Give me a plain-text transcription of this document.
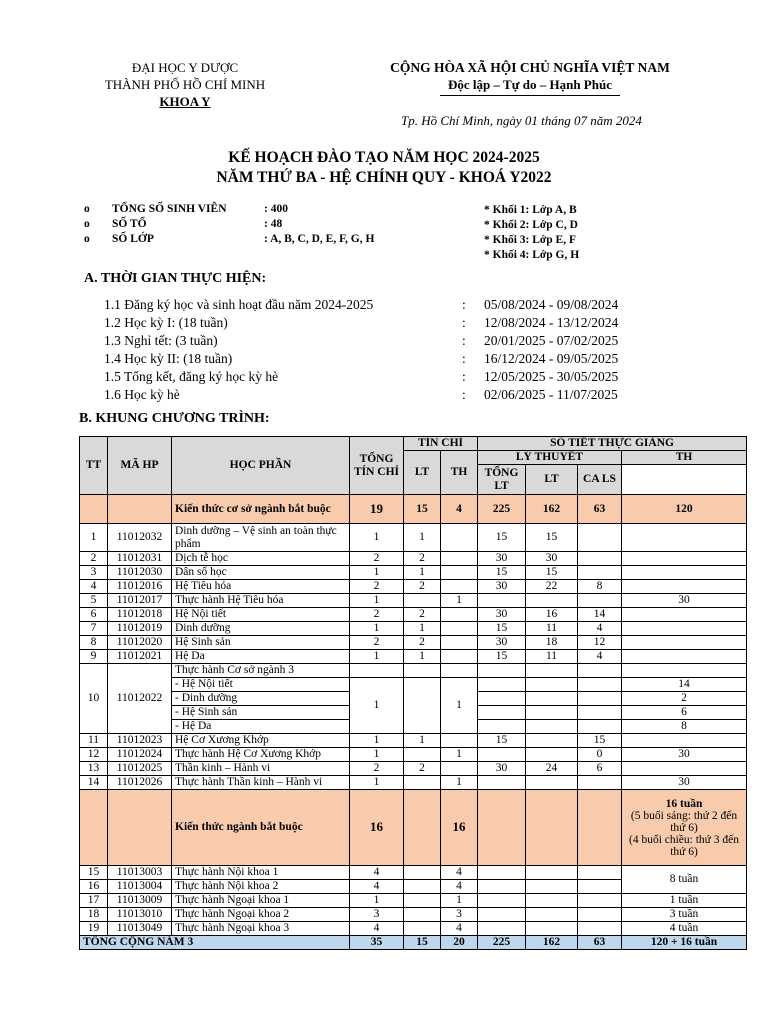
ĐẠI HỌC Y DƯỢC
THÀNH PHỐ HỒ CHÍ MINH
KHOA Y
CỘNG HÒA XÃ HỘI CHỦ NGHĨA VIỆT NAM
Độc lập – Tự do – Hạnh Phúc
Tp. Hồ Chí Minh, ngày 01 tháng 07 năm 2024
KẾ HOẠCH ĐÀO TẠO NĂM HỌC 2024-2025
NĂM THỨ BA - HỆ CHÍNH QUY - KHOÁ Y2022
o TỔNG SỐ SINH VIÊN	: 400
o SỐ TỔ	: 48
o SỐ LỚP	: A, B, C, D, E, F, G, H
* Khối 1: Lớp A, B
* Khối 2: Lớp C, D
* Khối 3: Lớp E, F
* Khối 4: Lớp G, H
A. THỜI GIAN THỰC HIỆN:
1.1 Đăng ký học và sinh hoạt đầu năm 2024-2025	: 05/08/2024 - 09/08/2024
1.2 Học kỳ I: (18 tuần)	: 12/08/2024 - 13/12/2024
1.3 Nghỉ tết: (3 tuần)	: 20/01/2025 - 07/02/2025
1.4 Học kỳ II: (18 tuần)	: 16/12/2024 - 09/05/2025
1.5 Tổng kết, đăng ký học kỳ hè	: 12/05/2025 - 30/05/2025
1.6 Học kỳ hè	: 02/06/2025 - 11/07/2025
B. KHUNG CHƯƠNG TRÌNH:
TT	MÃ HP	HỌC PHẦN	TỔNG TÍN CHỈ	TÍN CHỈ		SỐ TIẾT THỰC GIẢNG			
				LT	TH	LÝ THUYẾT			TH
						TỔNG LT	LT	CA LS	
		Kiến thức cơ sở ngành bắt buộc	19	15	4	225	162	63	120
1	11012032	Dinh dưỡng – Vệ sinh an toàn thực phẩm	1	1		15	15		
2	11012031	Dịch tễ học	2	2		30	30		
3	11012030	Dân số học	1	1		15	15		
4	11012016	Hệ Tiêu hóa	2	2		30	22	8	
5	11012017	Thực hành Hệ Tiêu hóa	1		1				30
6	11012018	Hệ Nội tiết	2	2		30	16	14	
7	11012019	Dinh dưỡng	1	1		15	11	4	
8	11012020	Hệ Sinh sản	2	2		30	18	12	
9	11012021	Hệ Da	1	1		15	11	4	
10	11012022	Thực hành Cơ sở ngành 3							
		- Hệ Nội tiết	1		1				14
		- Dinh dưỡng							2
		- Hệ Sinh sản							6
		- Hệ Da							8
11	11012023	Hệ Cơ Xương Khớp	1	1		15		15	
12	11012024	Thực hành Hệ Cơ Xương Khớp	1		1			0	30
13	11012025	Thần kinh – Hành vi	2	2		30	24	6	
14	11012026	Thực hành Thần kinh – Hành vi	1		1				30
		Kiến thức ngành bắt buộc	16		16				16 tuần
(5 buổi sáng: thứ 2 đến thứ 6)
(4 buổi chiều: thứ 3 đến thứ 6)

15	11013003	Thực hành Nội khoa 1	4		4				8 tuần
16	11013004	Thực hành Nội khoa 2	4		4				
17	11013009	Thực hành Ngoại khoa 1	1		1				1 tuần
18	11013010	Thực hành Ngoại khoa 2	3		3				3 tuần
19	11013049	Thực hành Ngoại khoa 3	4		4				4 tuần
TỔNG CỘNG NĂM 3			35	15	20	225	162	63	120 + 16 tuần
